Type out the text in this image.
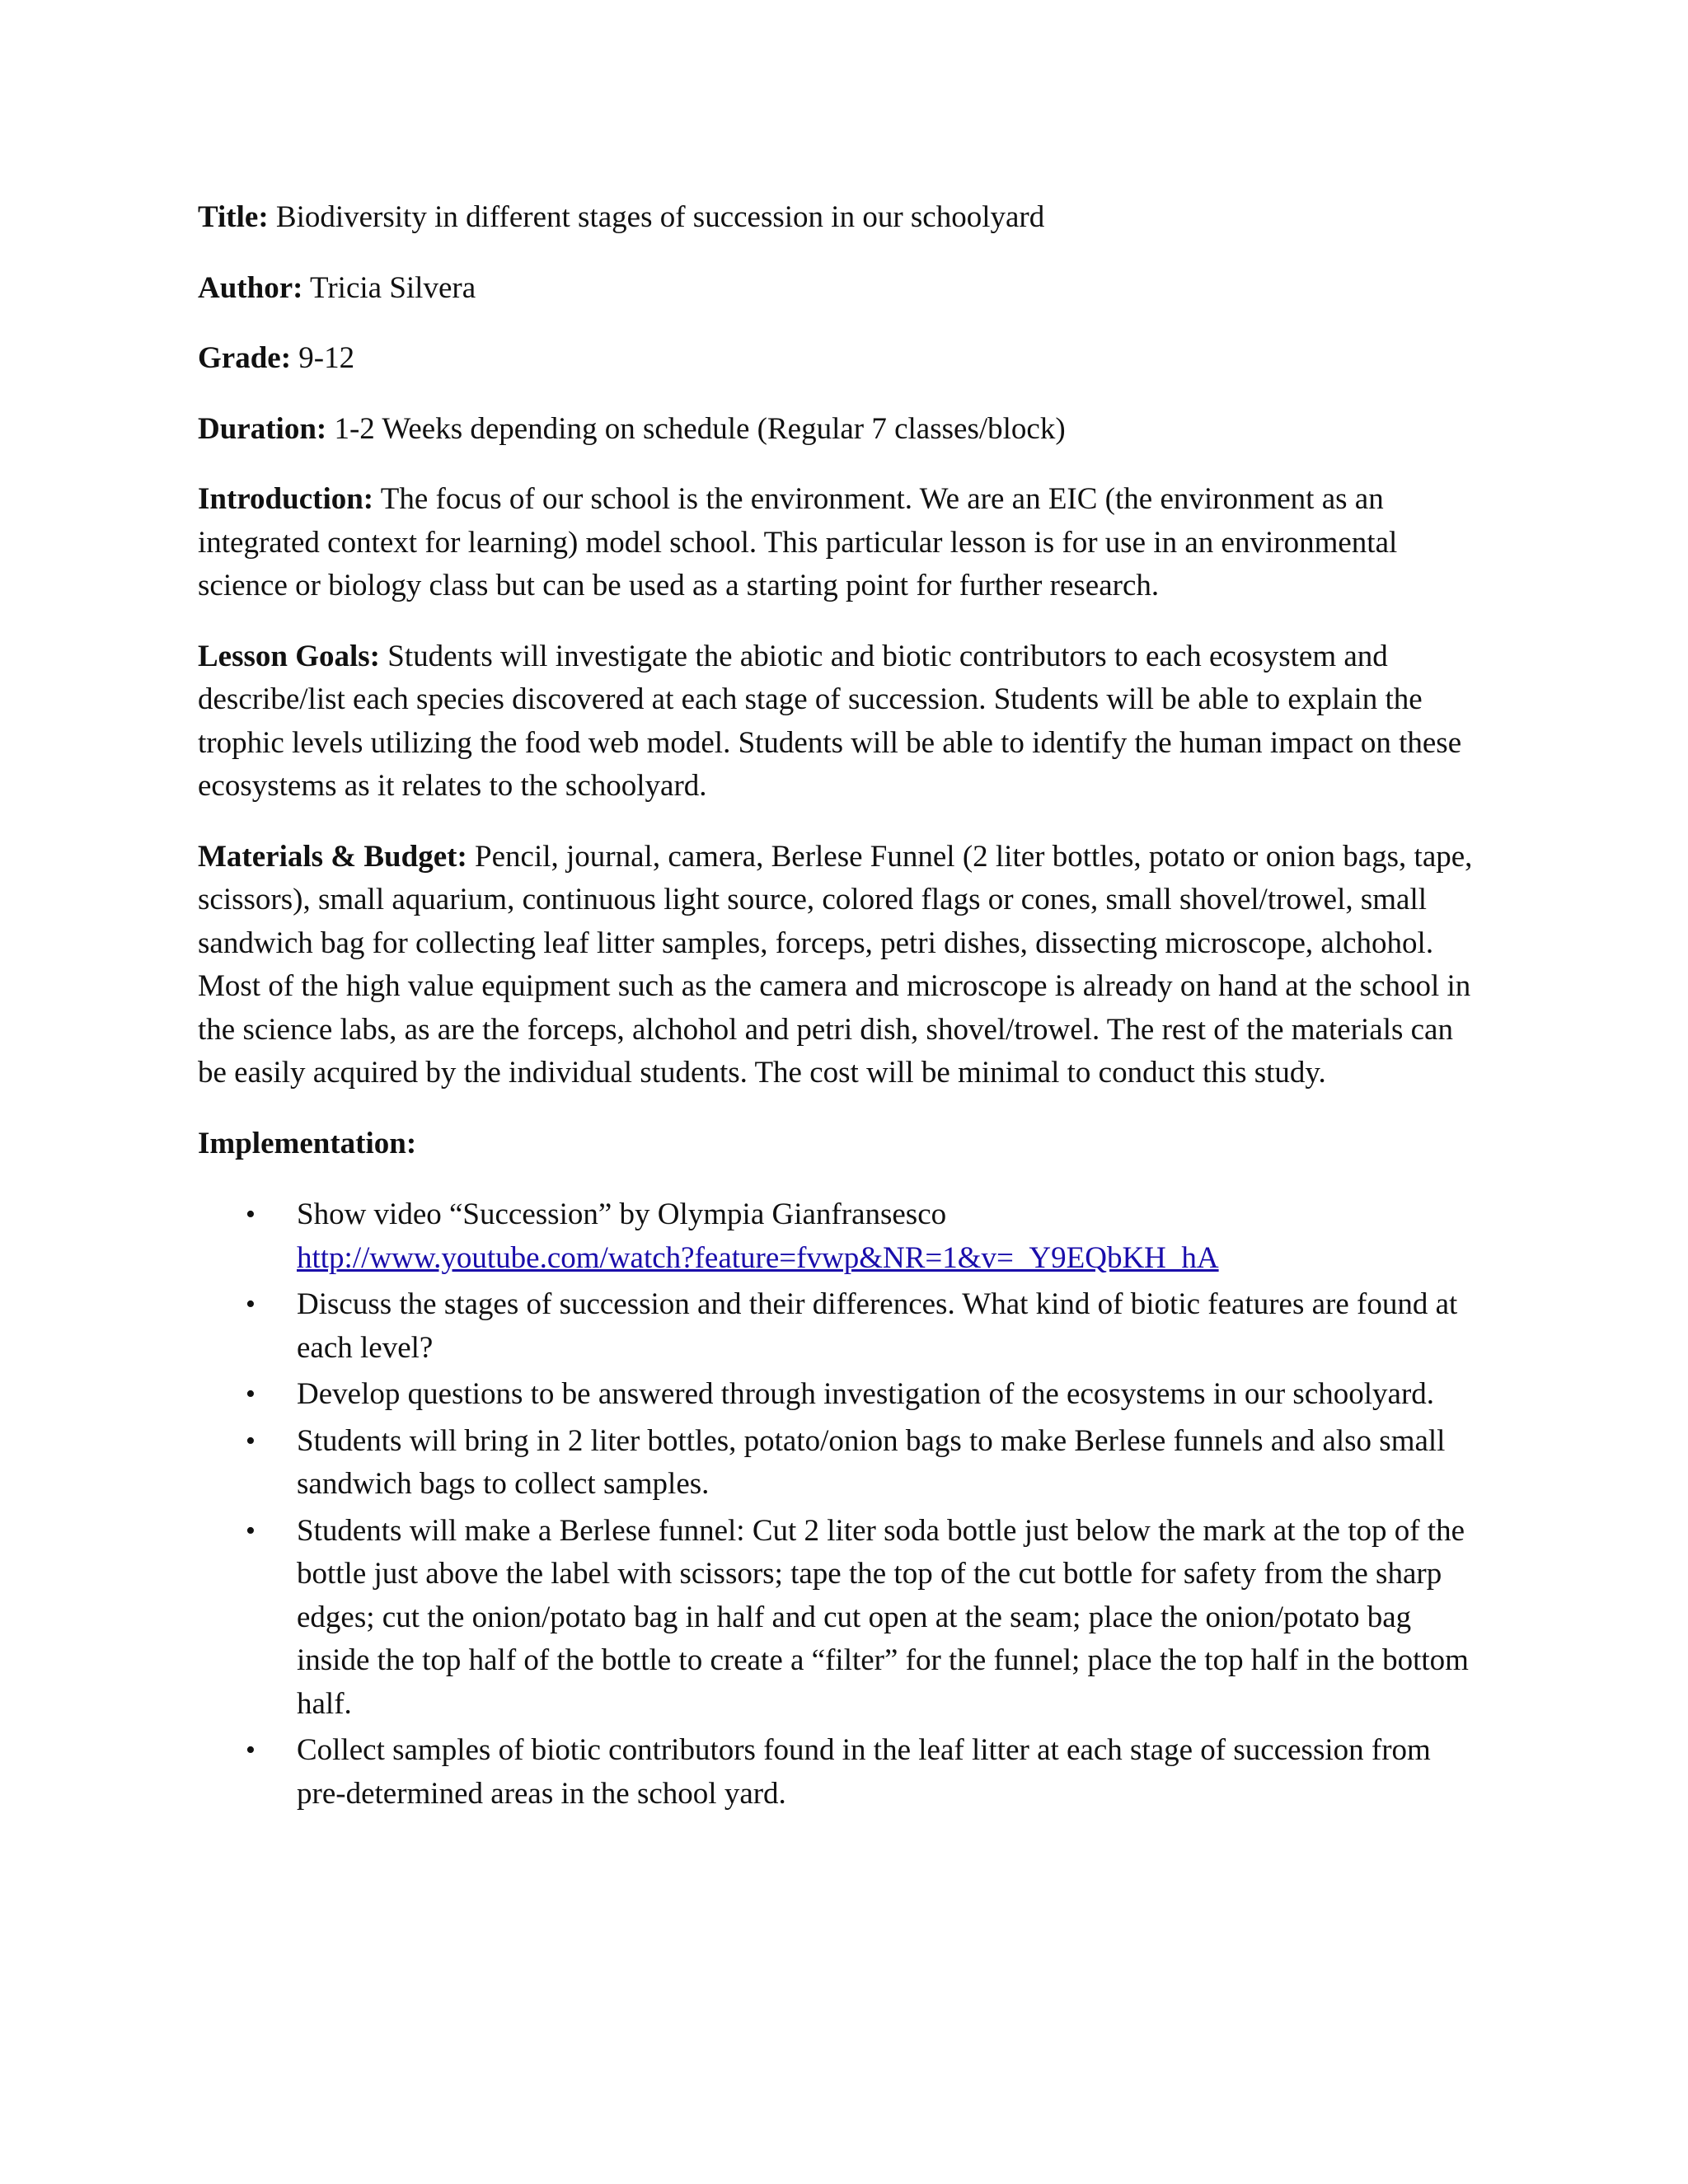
Title: Biodiversity in different stages of succession in our schoolyard

Author: Tricia Silvera

Grade: 9-12

Duration: 1-2 Weeks depending on schedule (Regular 7 classes/block)

Introduction: The focus of our school is the environment. We are an EIC (the environment as an integrated context for learning) model school. This particular lesson is for use in an environmental science or biology class but can be used as a starting point for further research.

Lesson Goals: Students will investigate the abiotic and biotic contributors to each ecosystem and describe/list each species discovered at each stage of succession. Students will be able to explain the trophic levels utilizing the food web model. Students will be able to identify the human impact on these ecosystems as it relates to the schoolyard.

Materials & Budget: Pencil, journal, camera, Berlese Funnel (2 liter bottles, potato or onion bags, tape, scissors), small aquarium, continuous light source, colored flags or cones, small shovel/trowel, small sandwich bag for collecting leaf litter samples, forceps, petri dishes, dissecting microscope, alchohol. Most of the high value equipment such as the camera and microscope is already on hand at the school in the science labs, as are the forceps, alchohol and petri dish, shovel/trowel. The rest of the materials can be easily acquired by the individual students. The cost will be minimal to conduct this study.

Implementation:

• Show video “Succession” by Olympia Gianfransesco
http://www.youtube.com/watch?feature=fvwp&NR=1&v=_Y9EQbKH_hA
• Discuss the stages of succession and their differences. What kind of biotic features are found at each level?
• Develop questions to be answered through investigation of the ecosystems in our schoolyard.
• Students will bring in 2 liter bottles, potato/onion bags to make Berlese funnels and also small sandwich bags to collect samples.
• Students will make a Berlese funnel: Cut 2 liter soda bottle just below the mark at the top of the bottle just above the label with scissors; tape the top of the cut bottle for safety from the sharp edges; cut the onion/potato bag in half and cut open at the seam; place the onion/potato bag inside the top half of the bottle to create a “filter” for the funnel; place the top half in the bottom half.
• Collect samples of biotic contributors found in the leaf litter at each stage of succession from pre-determined areas in the school yard.
